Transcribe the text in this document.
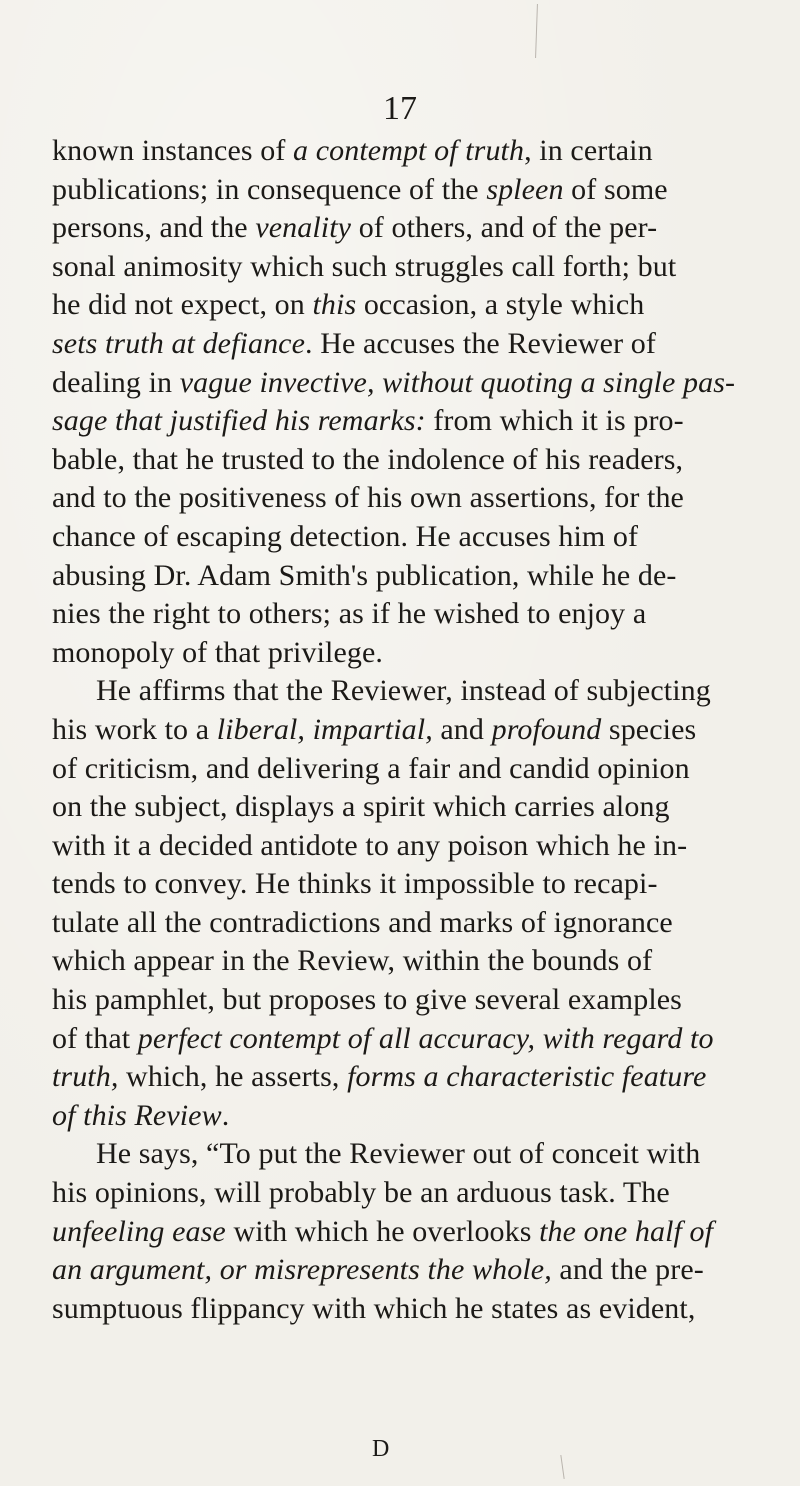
17

known instances of a contempt of truth, in certain
publications; in consequence of the spleen of some
persons, and the venality of others, and of the per-
sonal animosity which such struggles call forth; but
he did not expect, on this occasion, a style which
sets truth at defiance. He accuses the Reviewer of
dealing in vague invective, without quoting a single pas-
sage that justified his remarks: from which it is pro-
bable, that he trusted to the indolence of his readers,
and to the positiveness of his own assertions, for the
chance of escaping detection. He accuses him of
abusing Dr. Adam Smith's publication, while he de-
nies the right to others; as if he wished to enjoy a
monopoly of that privilege.

He affirms that the Reviewer, instead of subjecting
his work to a liberal, impartial, and profound species
of criticism, and delivering a fair and candid opinion
on the subject, displays a spirit which carries along
with it a decided antidote to any poison which he in-
tends to convey. He thinks it impossible to recapi-
tulate all the contradictions and marks of ignorance
which appear in the Review, within the bounds of
his pamphlet, but proposes to give several examples
of that perfect contempt of all accuracy, with regard to
truth, which, he asserts, forms a characteristic feature
of this Review.

He says, “To put the Reviewer out of conceit with
his opinions, will probably be an arduous task. The
unfeeling ease with which he overlooks the one half of
an argument, or misrepresents the whole, and the pre-
sumptuous flippancy with which he states as evident,

D
